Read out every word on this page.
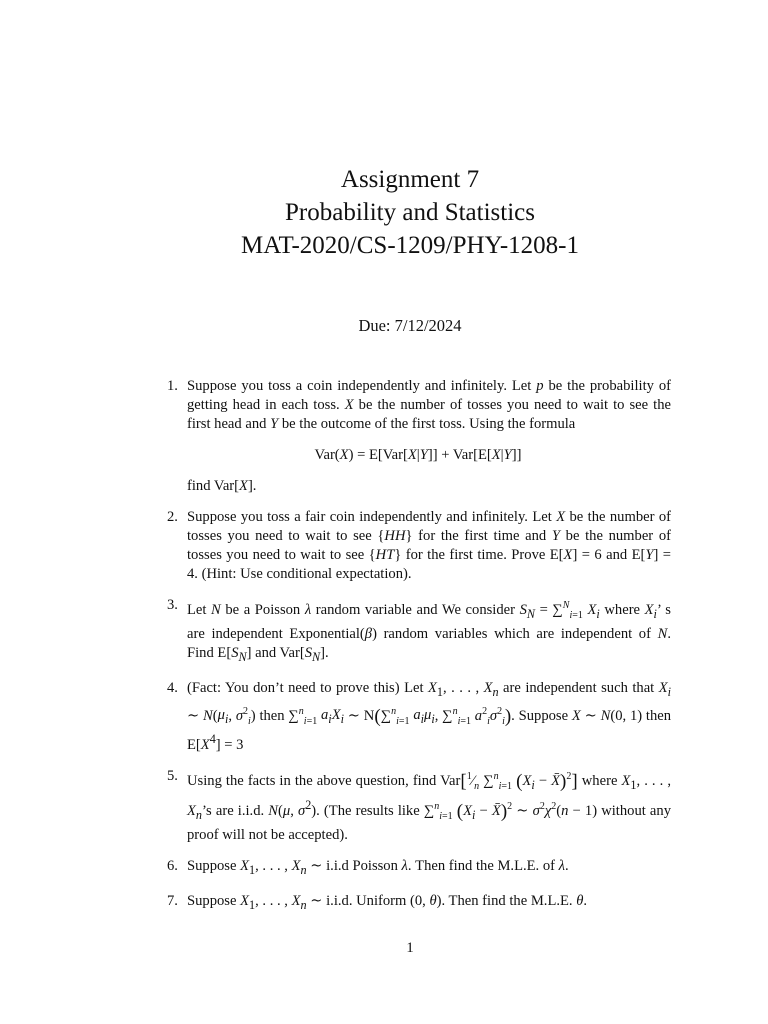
Assignment 7
Probability and Statistics
MAT-2020/CS-1209/PHY-1208-1
Due: 7/12/2024
1. Suppose you toss a coin independently and infinitely. Let p be the probability of getting head in each toss. X be the number of tosses you need to wait to see the first head and Y be the outcome of the first toss. Using the formula
Var(X) = E[Var[X|Y]] + Var[E[X|Y]]
find Var[X].
2. Suppose you toss a fair coin independently and infinitely. Let X be the number of tosses you need to wait to see {HH} for the first time and Y be the number of tosses you need to wait to see {HT} for the first time. Prove E[X] = 6 and E[Y] = 4. (Hint: Use conditional expectation).
3. Let N be a Poisson λ random variable and We consider $S_N = \sum^N_{i=1}$ $X_i$ where $X_i$’ s are independent Exponential(β) random variables which are independent of N. Find $E[S_N]$ and $Var[S_N]$.
4. (Fact: You don’t need to prove this) Let $X_1$, . . . , $X_n$ are independent such that $X_i$ ∼ $N(\mu_i$, $\sigma^2_i$) then ∑$^n_{i=1}$ $a_iX_i$ ∼ N(∑$^n_{i=1}$ $a_i\mu_i$, ∑$^n_{i=1}$ $a^2_i\sigma^2_i$). Suppose X ∼ N(0, 1) then $E[X^4] = 3$
5. Using the facts in the above question, find $Var[^1⁄_n$ ∑$^n_{i=1}$ ($X_i$ − X̄)$^2$] where $X_1$, . . . , $X_n’s$ are i.i.d. N(μ, $\sigma^2$). (The results like ∑$^n_{i=1}$ ($X_i$ − X̄)$^2$ ∼ $\sigma^2\chi^2(n - 1)$ without any proof will not be accepted).
6. Suppose $X_1$, . . . , $X_n$ ∼ i.i.d Poisson λ. Then find the M.L.E. of λ.
7. Suppose $X_1$, . . . , $X_n$ ∼ i.i.d. Uniform (0, θ). Then find the M.L.E. θ.
1
